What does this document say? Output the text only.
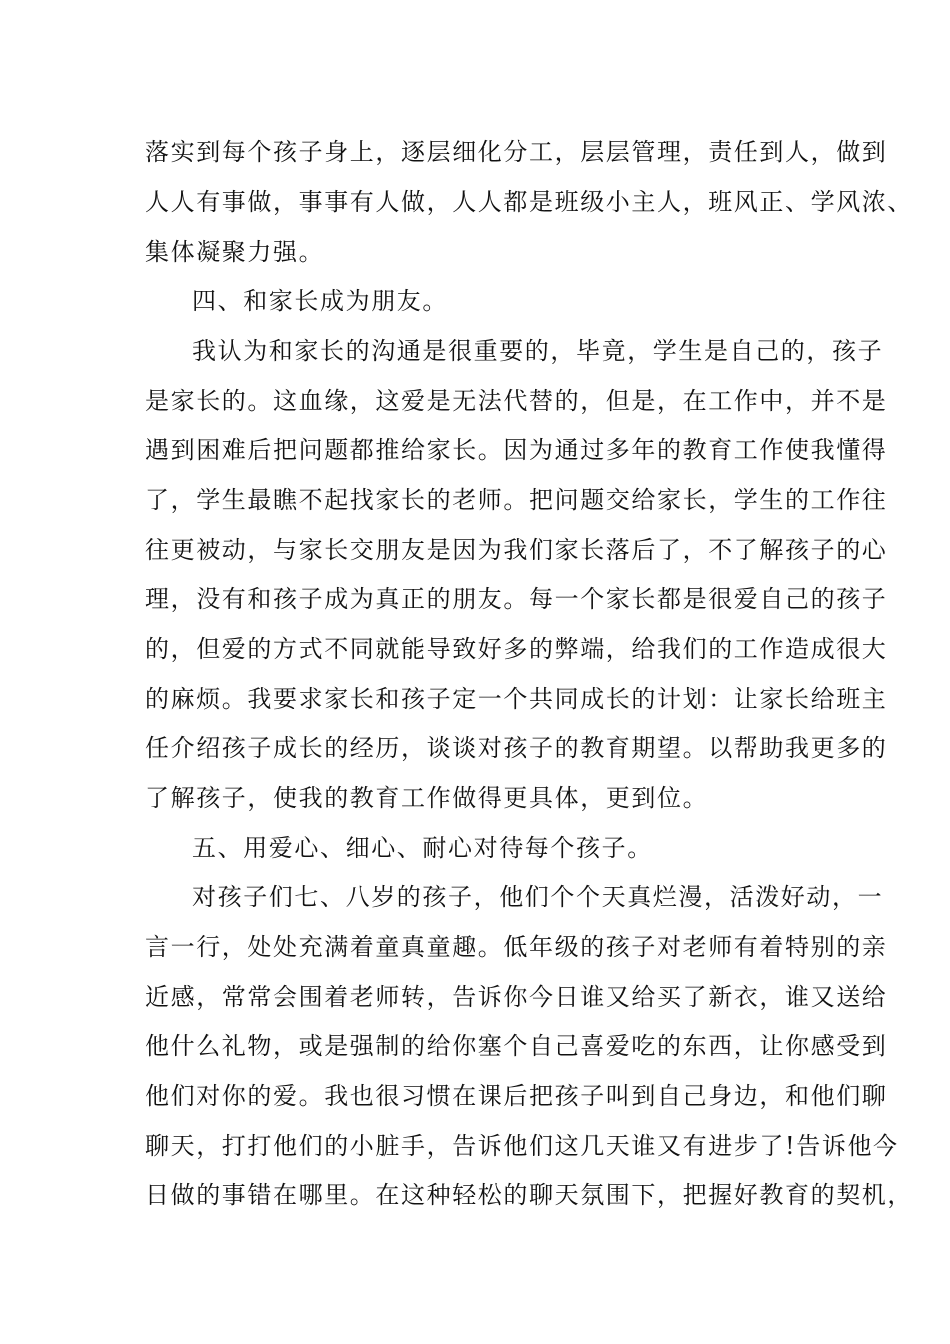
落实到每个孩子身上，逐层细化分工，层层管理，责任到人，做到
人人有事做，事事有人做，人人都是班级小主人，班风正、学风浓、
集体凝聚力强。
四、和家长成为朋友。
我认为和家长的沟通是很重要的，毕竟，学生是自己的，孩子
是家长的。这血缘，这爱是无法代替的，但是，在工作中，并不是
遇到困难后把问题都推给家长。因为通过多年的教育工作使我懂得
了，学生最瞧不起找家长的老师。把问题交给家长，学生的工作往
往更被动，与家长交朋友是因为我们家长落后了，不了解孩子的心
理，没有和孩子成为真正的朋友。每一个家长都是很爱自己的孩子
的，但爱的方式不同就能导致好多的弊端，给我们的工作造成很大
的麻烦。我要求家长和孩子定一个共同成长的计划：让家长给班主
任介绍孩子成长的经历，谈谈对孩子的教育期望。以帮助我更多的
了解孩子，使我的教育工作做得更具体，更到位。
五、用爱心、细心、耐心对待每个孩子。
对孩子们七、八岁的孩子，他们个个天真烂漫，活泼好动，一
言一行，处处充满着童真童趣。低年级的孩子对老师有着特别的亲
近感，常常会围着老师转，告诉你今日谁又给买了新衣，谁又送给
他什么礼物，或是强制的给你塞个自己喜爱吃的东西，让你感受到
他们对你的爱。我也很习惯在课后把孩子叫到自己身边，和他们聊
聊天，打打他们的小脏手，告诉他们这几天谁又有进步了!告诉他今
日做的事错在哪里。在这种轻松的聊天氛围下，把握好教育的契机，
